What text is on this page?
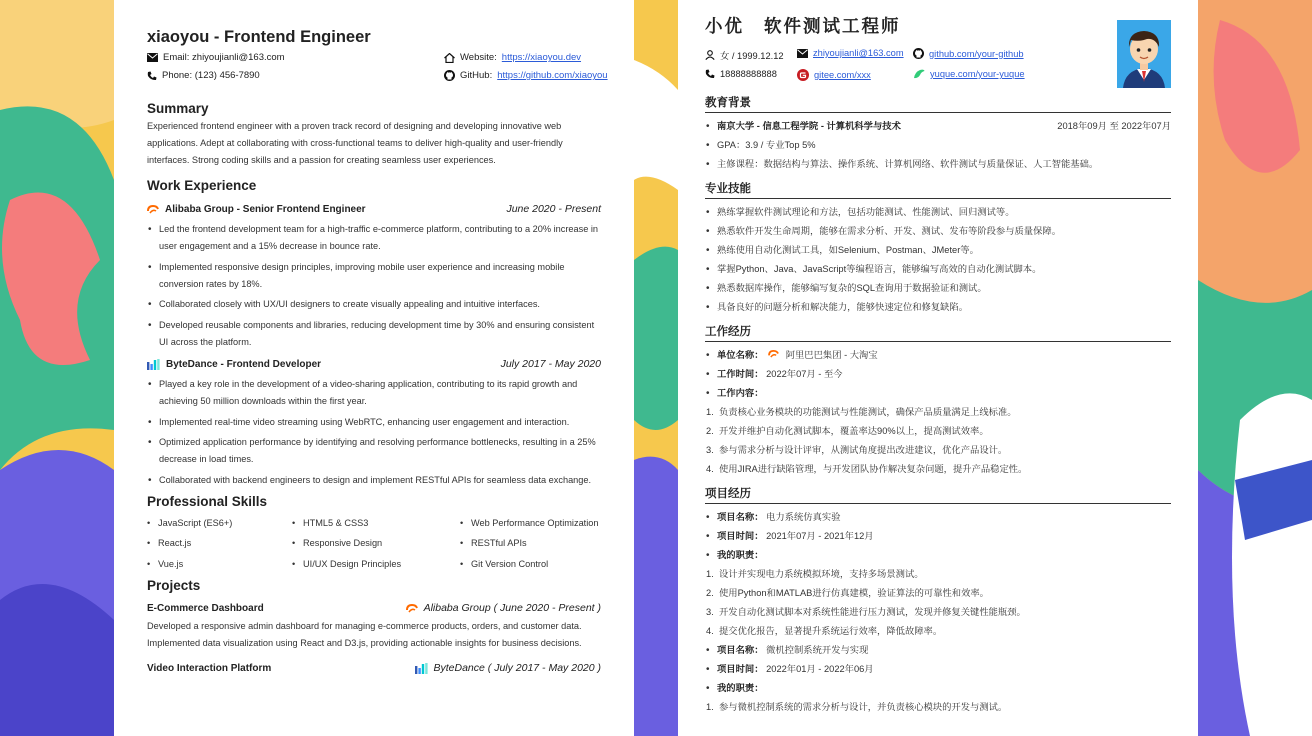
xiaoyou - Frontend Engineer
Email: zhiyoujianli@163.com
Phone: (123) 456-7890
Website: https://xiaoyou.dev
GitHub: https://github.com/xiaoyou
Summary
Experienced frontend engineer with a proven track record of designing and developing innovative web applications. Adept at collaborating with cross-functional teams to deliver high-quality and user-friendly interfaces. Strong coding skills and a passion for creating seamless user experiences.
Work Experience
Alibaba Group - Senior Frontend Engineer	June 2020 - Present
• Led the frontend development team for a high-traffic e-commerce platform, contributing to a 20% increase in user engagement and a 15% decrease in bounce rate.
• Implemented responsive design principles, improving mobile user experience and increasing mobile conversion rates by 18%.
• Collaborated closely with UX/UI designers to create visually appealing and intuitive interfaces.
• Developed reusable components and libraries, reducing development time by 30% and ensuring consistent UI across the platform.
ByteDance - Frontend Developer	July 2017 - May 2020
• Played a key role in the development of a video-sharing application, contributing to its rapid growth and achieving 50 million downloads within the first year.
• Implemented real-time video streaming using WebRTC, enhancing user engagement and interaction.
• Optimized application performance by identifying and resolving performance bottlenecks, resulting in a 25% decrease in load times.
• Collaborated with backend engineers to design and implement RESTful APIs for seamless data exchange.
Professional Skills
• JavaScript (ES6+)	• HTML5 & CSS3	• Web Performance Optimization
• React.js	• Responsive Design	• RESTful APIs
• Vue.js	• UI/UX Design Principles	• Git Version Control
Projects
E-Commerce Dashboard	Alibaba Group ( June 2020 - Present )
Developed a responsive admin dashboard for managing e-commerce products, orders, and customer data. Implemented data visualization using React and D3.js, providing actionable insights for business decisions.
Video Interaction Platform	ByteDance ( July 2017 - May 2020 )
小优 软件测试工程师
女 / 1999.12.12	zhiyoujianli@163.com	github.com/your-github
18888888888	gitee.com/xxx	yuque.com/your-yuque
教育背景
• 南京大学 - 信息工程学院 - 计算机科学与技术	2018年09月 至 2022年07月
• GPA：3.9 / 专业Top 5%
• 主修课程：数据结构与算法、操作系统、计算机网络、软件测试与质量保证、人工智能基础。
专业技能
• 熟练掌握软件测试理论和方法，包括功能测试、性能测试、回归测试等。
• 熟悉软件开发生命周期，能够在需求分析、开发、测试、发布等阶段参与质量保障。
• 熟练使用自动化测试工具，如Selenium、Postman、JMeter等。
• 掌握Python、Java、JavaScript等编程语言，能够编写高效的自动化测试脚本。
• 熟悉数据库操作，能够编写复杂的SQL查询用于数据验证和测试。
• 具备良好的问题分析和解决能力，能够快速定位和修复缺陷。
工作经历
• 单位名称： 阿里巴巴集团 - 大淘宝
• 工作时间： 2022年07月 - 至今
• 工作内容：
1. 负责核心业务模块的功能测试与性能测试，确保产品质量满足上线标准。
2. 开发并维护自动化测试脚本，覆盖率达90%以上，提高测试效率。
3. 参与需求分析与设计评审，从测试角度提出改进建议，优化产品设计。
4. 使用JIRA进行缺陷管理，与开发团队协作解决复杂问题，提升产品稳定性。
项目经历
• 项目名称： 电力系统仿真实验
• 项目时间： 2021年07月 - 2021年12月
• 我的职责：
1. 设计并实现电力系统模拟环境，支持多场景测试。
2. 使用Python和MATLAB进行仿真建模，验证算法的可靠性和效率。
3. 开发自动化测试脚本对系统性能进行压力测试，发现并修复关键性能瓶颈。
4. 提交优化报告，显著提升系统运行效率，降低故障率。
• 项目名称： 微机控制系统开发与实现
• 项目时间： 2022年01月 - 2022年06月
• 我的职责：
1. 参与微机控制系统的需求分析与设计，并负责核心模块的开发与测试。
